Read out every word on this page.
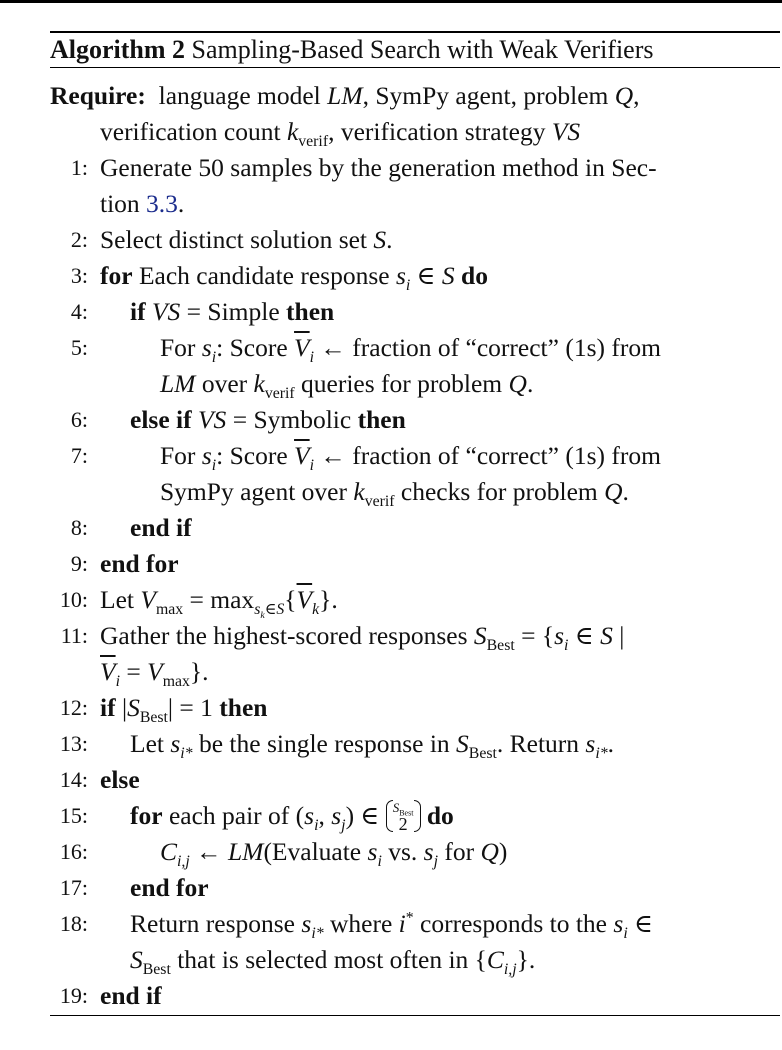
Algorithm 2 Sampling-Based Search with Weak Verifiers
Require: language model LM, SymPy agent, problem Q,
verification count $k_{verif}$, verification strategy VS
1: Generate 50 samples by the generation method in Sec-
tion 3.3.
2: Select distinct solution set S.
3: for Each candidate response $s_i$ ∈ S do
4: if VS = Simple then
5:	For $s_i$: Score $\overline{V}_i$ ← fraction of “correct” (1s) from
LM over $k_{verif}$ queries for problem Q.
6: else if VS = Symbolic then
7:	For $s_i$: Score $\overline{V}_i$ ← fraction of “correct” (1s) from
SymPy agent over $k_{verif}$ checks for problem Q.
8: end if
9: end for
10: Let $V_{max} = \max_{s_k\in S}\{\overline{V}_k\}$.
11: Gather the highest-scored responses $S_{Best} = \{s_i$ ∈ S |
$\overline{V}_i = V_{max}$}.
12: if $|S_{Best}| = 1$ then
13: Let $s_{i*}$ be the single response in $S_{Best}$. Return $s_{i*}$.
14: else
15: for each pair of ($s_i$, $s_j$) ∈ $S_{Best}$
2 do
16:	$C_{i,j}$ ← LM(Evaluate $s_i$ vs. $s_j$ for Q)
17: end for
18: Return response $s_{i*}$ where i* corresponds to the $s_i$ ∈
$S_{Best}$ that is selected most often in $\{C_{i,j}\}$.
19: end if
